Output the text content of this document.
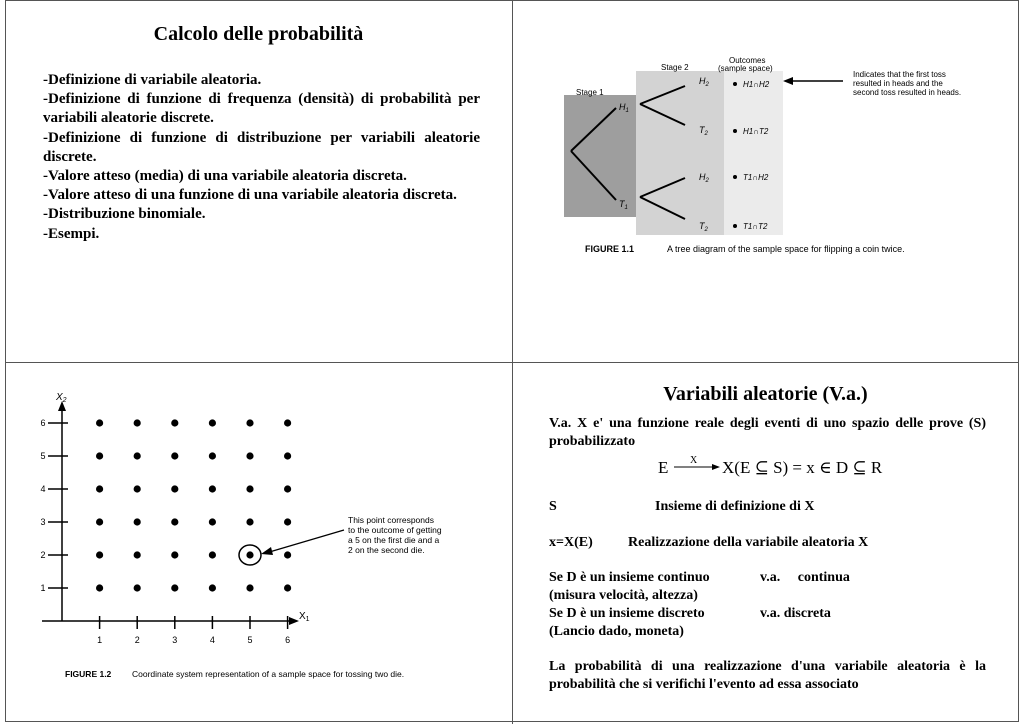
Calcolo delle probabilità
-Definizione di variabile aleatoria.
-Definizione di funzione di frequenza (densità) di probabilità per variabili aleatorie discrete.
-Definizione di funzione di distribuzione per variabili aleatorie discrete.
-Valore atteso (media) di una variabile aleatoria discreta.
-Valore atteso di una funzione di una variabile aleatoria discreta.
-Distribuzione binomiale.
-Esempi.
Stage 1
Stage 2
Outcomes
(sample space)
$H_1$
$T_1$
$H_2$
$T_2$
$H_2$
$T_2$
H1∩H2
H1∩T2
T1∩H2
T1∩T2
Indicates that the first toss
resulted in heads and the
second toss resulted in heads.
FIGURE 1.1	A tree diagram of the sample space for flipping a coin twice.
$X_2$
$X_1$
1	2	3	4	5	6
1
2
3
4
5
6
This point corresponds
to the outcome of getting
a 5 on the first die and a
2 on the second die.
FIGURE 1.2 Coordinate system representation of a sample space for tossing two die.
Variabili aleatorie (V.a.)
V.a. X e' una funzione reale degli eventi di uno spazio delle prove (S) probabilizzato
E X X(E ⊆ S) = x ∈ D ⊆ R
S	Insieme di definizione di X
x=X(E)	Realizzazione della variabile aleatoria X
Se D è un insieme continuo	v.a.     continua
(misura velocità, altezza)
Se D è un insieme discreto	v.a. discreta
(Lancio dado, moneta)
La probabilità di una realizzazione d'una variabile aleatoria è la probabilità che si verifichi l'evento ad essa associato
